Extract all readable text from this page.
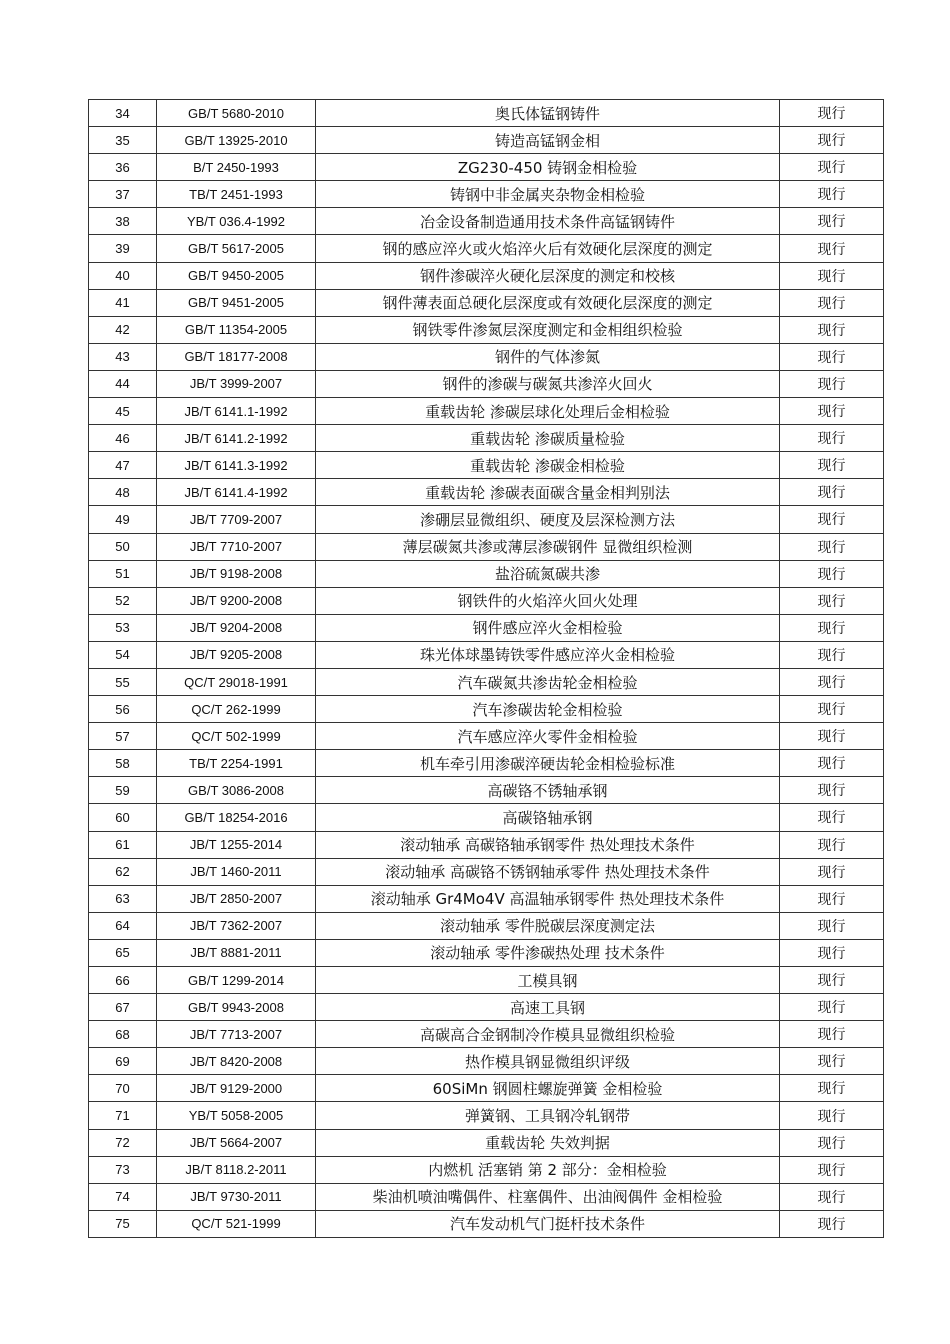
34	GB/T 5680-2010	奥氏体锰钢铸件	现行
35	GB/T 13925-2010	铸造高锰钢金相	现行
36	B/T 2450-1993	ZG230-450 铸钢金相检验	现行
37	TB/T 2451-1993	铸钢中非金属夹杂物金相检验	现行
38	YB/T 036.4-1992	冶金设备制造通用技术条件高锰钢铸件	现行
39	GB/T 5617-2005	钢的感应淬火或火焰淬火后有效硬化层深度的测定	现行
40	GB/T 9450-2005	钢件渗碳淬火硬化层深度的测定和校核	现行
41	GB/T 9451-2005	钢件薄表面总硬化层深度或有效硬化层深度的测定	现行
42	GB/T 11354-2005	钢铁零件渗氮层深度测定和金相组织检验	现行
43	GB/T 18177-2008	钢件的气体渗氮	现行
44	JB/T 3999-2007	钢件的渗碳与碳氮共渗淬火回火	现行
45	JB/T 6141.1-1992	重载齿轮 渗碳层球化处理后金相检验	现行
46	JB/T 6141.2-1992	重载齿轮 渗碳质量检验	现行
47	JB/T 6141.3-1992	重载齿轮 渗碳金相检验	现行
48	JB/T 6141.4-1992	重载齿轮 渗碳表面碳含量金相判别法	现行
49	JB/T 7709-2007	渗硼层显微组织、硬度及层深检测方法	现行
50	JB/T 7710-2007	薄层碳氮共渗或薄层渗碳钢件 显微组织检测	现行
51	JB/T 9198-2008	盐浴硫氮碳共渗	现行
52	JB/T 9200-2008	钢铁件的火焰淬火回火处理	现行
53	JB/T 9204-2008	钢件感应淬火金相检验	现行
54	JB/T 9205-2008	珠光体球墨铸铁零件感应淬火金相检验	现行
55	QC/T 29018-1991	汽车碳氮共渗齿轮金相检验	现行
56	QC/T 262-1999	汽车渗碳齿轮金相检验	现行
57	QC/T 502-1999	汽车感应淬火零件金相检验	现行
58	TB/T 2254-1991	机车牵引用渗碳淬硬齿轮金相检验标准	现行
59	GB/T 3086-2008	高碳铬不锈轴承钢	现行
60	GB/T 18254-2016	高碳铬轴承钢	现行
61	JB/T 1255-2014	滚动轴承 高碳铬轴承钢零件 热处理技术条件	现行
62	JB/T 1460-2011	滚动轴承 高碳铬不锈钢轴承零件 热处理技术条件	现行
63	JB/T 2850-2007	滚动轴承 Gr4Mo4V 高温轴承钢零件 热处理技术条件	现行
64	JB/T 7362-2007	滚动轴承 零件脱碳层深度测定法	现行
65	JB/T 8881-2011	滚动轴承 零件渗碳热处理 技术条件	现行
66	GB/T 1299-2014	工模具钢	现行
67	GB/T 9943-2008	高速工具钢	现行
68	JB/T 7713-2007	高碳高合金钢制冷作模具显微组织检验	现行
69	JB/T 8420-2008	热作模具钢显微组织评级	现行
70	JB/T 9129-2000	60SiMn 钢圆柱螺旋弹簧 金相检验	现行
71	YB/T 5058-2005	弹簧钢、工具钢冷轧钢带	现行
72	JB/T 5664-2007	重载齿轮 失效判据	现行
73	JB/T 8118.2-2011	内燃机 活塞销 第 2 部分：金相检验	现行
74	JB/T 9730-2011	柴油机喷油嘴偶件、柱塞偶件、出油阀偶件 金相检验	现行
75	QC/T 521-1999	汽车发动机气门挺杆技术条件	现行
